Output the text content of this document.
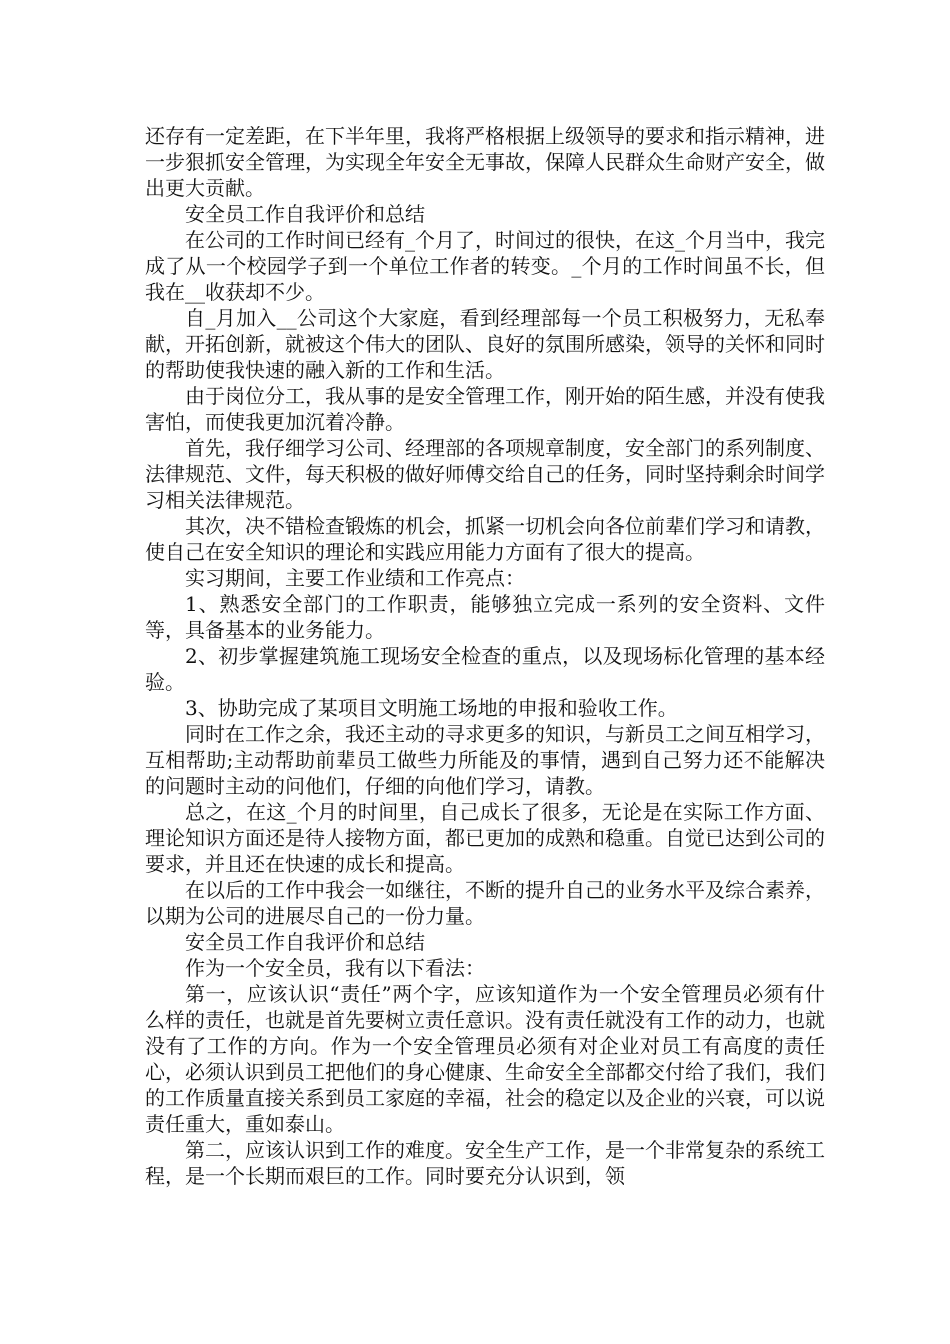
还存有一定差距，在下半年里，我将严格根据上级领导的要求和指示精神，进一步狠抓安全管理，为实现全年安全无事故，保障人民群众生命财产安全，做出更大贡献。

安全员工作自我评价和总结

在公司的工作时间已经有_个月了，时间过的很快，在这_个月当中，我完成了从一个校园学子到一个单位工作者的转变。_个月的工作时间虽不长，但我在__收获却不少。

自_月加入__公司这个大家庭，看到经理部每一个员工积极努力，无私奉献，开拓创新，就被这个伟大的团队、良好的氛围所感染，领导的关怀和同时的帮助使我快速的融入新的工作和生活。

由于岗位分工，我从事的是安全管理工作，刚开始的陌生感，并没有使我害怕，而使我更加沉着冷静。

首先，我仔细学习公司、经理部的各项规章制度，安全部门的系列制度、法律规范、文件，每天积极的做好师傅交给自己的任务，同时坚持剩余时间学习相关法律规范。

其次，决不错检查锻炼的机会，抓紧一切机会向各位前辈们学习和请教，使自己在安全知识的理论和实践应用能力方面有了很大的提高。

实习期间，主要工作业绩和工作亮点：

1、熟悉安全部门的工作职责，能够独立完成一系列的安全资料、文件等，具备基本的业务能力。

2、初步掌握建筑施工现场安全检查的重点，以及现场标化管理的基本经验。

3、协助完成了某项目文明施工场地的申报和验收工作。

同时在工作之余，我还主动的寻求更多的知识，与新员工之间互相学习，互相帮助;主动帮助前辈员工做些力所能及的事情，遇到自己努力还不能解决的问题时主动的问他们，仔细的向他们学习，请教。

总之，在这_个月的时间里，自己成长了很多，无论是在实际工作方面、理论知识方面还是待人接物方面，都已更加的成熟和稳重。自觉已达到公司的要求，并且还在快速的成长和提高。

在以后的工作中我会一如继往，不断的提升自己的业务水平及综合素养，以期为公司的进展尽自己的一份力量。

安全员工作自我评价和总结

作为一个安全员，我有以下看法：

第一，应该认识“责任”两个字，应该知道作为一个安全管理员必须有什么样的责任，也就是首先要树立责任意识。没有责任就没有工作的动力，也就没有了工作的方向。作为一个安全管理员必须有对企业对员工有高度的责任心，必须认识到员工把他们的身心健康、生命安全全部都交付给了我们，我们的工作质量直接关系到员工家庭的幸福，社会的稳定以及企业的兴衰，可以说责任重大，重如泰山。

第二，应该认识到工作的难度。安全生产工作，是一个非常复杂的系统工程，是一个长期而艰巨的工作。同时要充分认识到，领
